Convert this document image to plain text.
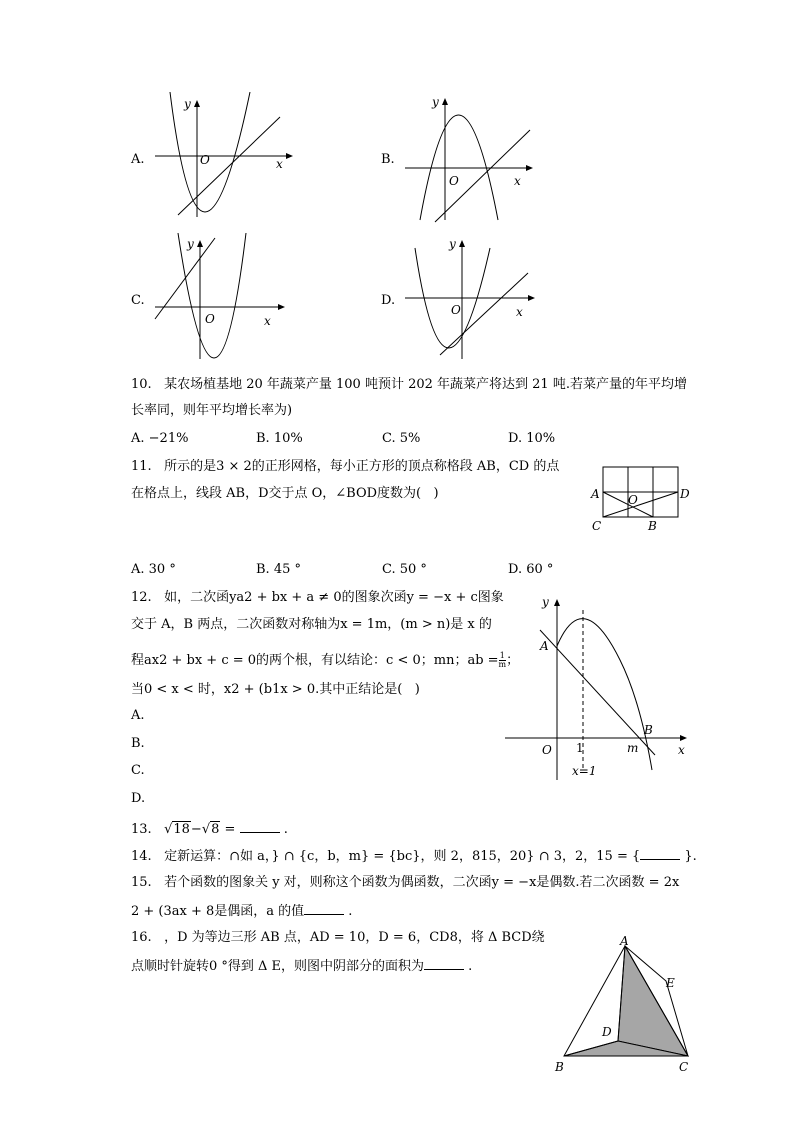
A.
y
x
O	B.
y
x
O
C.
y
x
O
D.
y
x
O
10.   某农场植基地 20 年蔬菜产量 100 吨预计 202 年蔬菜产将达到 21 吨.若菜产量的年平均增
长率同，则年平均增长率为)
A. −21%	B. 10%	C. 5%	D. 10%
11.   所示的是3 × 2的正形网格，每小正方形的顶点称格段 AB，CD 的点
在格点上，线段 AB，D交于点 O，∠BOD度数为(   )	A	D
O
C	B
A. 30 °	B. 45 °	C. 50 °	D. 60 °
12.   如，二次函ya2 + bx + a ≠ 0的图象次函y = −x + c图象
交于 A，B 两点，二次函数对称轴为x = 1m，(m > n)是 x 的
程ax2 + bx + c = 0的两个根，有以结论：c < 0；mn；ab = $\frac{1}{m}$ ；
当0 < x < 时，x2 + (b1x > 0.其中正结论是(   )
A.
B.
C.
D.
y
x
O
A
B
1	m
x=1
13.   √18−√8 =	.
14.   定新运算：∩如 a，} ∩ {c，b，m} = {bc}，则 2，815，20} ∩ 3，2，15 = {	}.
15.   若个函数的图象关 y 对，则称这个函数为偶函数，二次函y = −x是偶数.若二次函数 = 2x
2 + (3ax + 8是偶函，a 的值	.
16.   ，D 为等边三形 AB 点，AD = 10，D = 6，CD8，将 Δ BCD绕
点顺时针旋转0 °得到 Δ E，则图中阴部分的面积为	.
A
E
D
B	C
